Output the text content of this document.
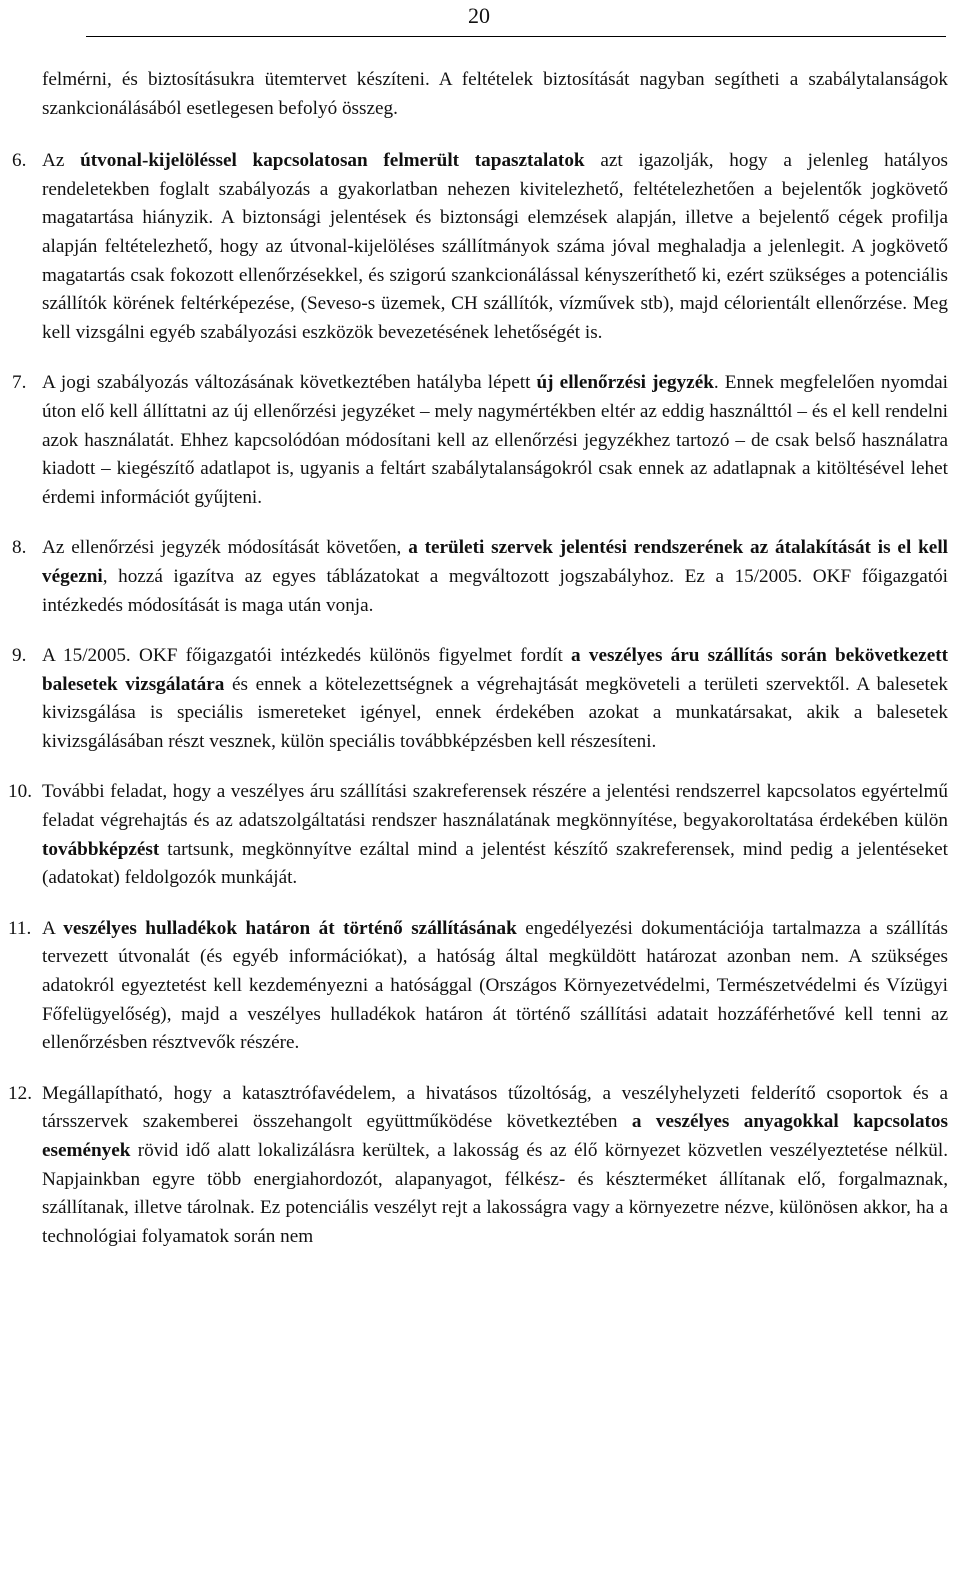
20
felmérni, és biztosításukra ütemtervet készíteni. A feltételek biztosítását nagyban segítheti a szabálytalanságok szankcionálásából esetlegesen befolyó összeg.
6. Az útvonal-kijelöléssel kapcsolatosan felmerült tapasztalatok azt igazolják, hogy a jelenleg hatályos rendeletekben foglalt szabályozás a gyakorlatban nehezen kivitelezhető, feltételezhetően a bejelentők jogkövető magatartása hiányzik. A biztonsági jelentések és biztonsági elemzések alapján, illetve a bejelentő cégek profilja alapján feltételezhető, hogy az útvonal-kijelöléses szállítmányok száma jóval meghaladja a jelenlegit. A jogkövető magatartás csak fokozott ellenőrzésekkel, és szigorú szankcionálással kényszeríthető ki, ezért szükséges a potenciális szállítók körének feltérképezése, (Seveso-s üzemek, CH szállítók, vízművek stb), majd célorientált ellenőrzése. Meg kell vizsgálni egyéb szabályozási eszközök bevezetésének lehetőségét is.
7. A jogi szabályozás változásának következtében hatályba lépett új ellenőrzési jegyzék. Ennek megfelelően nyomdai úton elő kell állíttatni az új ellenőrzési jegyzéket – mely nagymértékben eltér az eddig használttól – és el kell rendelni azok használatát. Ehhez kapcsolódóan módosítani kell az ellenőrzési jegyzékhez tartozó – de csak belső használatra kiadott – kiegészítő adatlapot is, ugyanis a feltárt szabálytalanságokról csak ennek az adatlapnak a kitöltésével lehet érdemi információt gyűjteni.
8. Az ellenőrzési jegyzék módosítását követően, a területi szervek jelentési rendszerének az átalakítását is el kell végezni, hozzá igazítva az egyes táblázatokat a megváltozott jogszabályhoz. Ez a 15/2005. OKF főigazgatói intézkedés módosítását is maga után vonja.
9. A 15/2005. OKF főigazgatói intézkedés különös figyelmet fordít a veszélyes áru szállítás során bekövetkezett balesetek vizsgálatára és ennek a kötelezettségnek a végrehajtását megköveteli a területi szervektől. A balesetek kivizsgálása is speciális ismereteket igényel, ennek érdekében azokat a munkatársakat, akik a balesetek kivizsgálásában részt vesznek, külön speciális továbbképzésben kell részesíteni.
10. További feladat, hogy a veszélyes áru szállítási szakreferensek részére a jelentési rendszerrel kapcsolatos egyértelmű feladat végrehajtás és az adatszolgáltatási rendszer használatának megkönnyítése, begyakoroltatása érdekében külön továbbképzést tartsunk, megkönnyítve ezáltal mind a jelentést készítő szakreferensek, mind pedig a jelentéseket (adatokat) feldolgozók munkáját.
11. A veszélyes hulladékok határon át történő szállításának engedélyezési dokumentációja tartalmazza a szállítás tervezett útvonalát (és egyéb információkat), a hatóság által megküldött határozat azonban nem. A szükséges adatokról egyeztetést kell kezdeményezni a hatósággal (Országos Környezetvédelmi, Természetvédelmi és Vízügyi Főfelügyelőség), majd a veszélyes hulladékok határon át történő szállítási adatait hozzáférhetővé kell tenni az ellenőrzésben résztvevők részére.
12. Megállapítható, hogy a katasztrófavédelem, a hivatásos tűzoltóság, a veszélyhelyzeti felderítő csoportok és a társszervek szakemberei összehangolt együttműködése következtében a veszélyes anyagokkal kapcsolatos események rövid idő alatt lokalizálásra kerültek, a lakosság és az élő környezet közvetlen veszélyeztetése nélkül. Napjainkban egyre több energiahordozót, alapanyagot, félkész- és készterméket állítanak elő, forgalmaznak, szállítanak, illetve tárolnak. Ez potenciális veszélyt rejt a lakosságra vagy a környezetre nézve, különösen akkor, ha a technológiai folyamatok során nem
